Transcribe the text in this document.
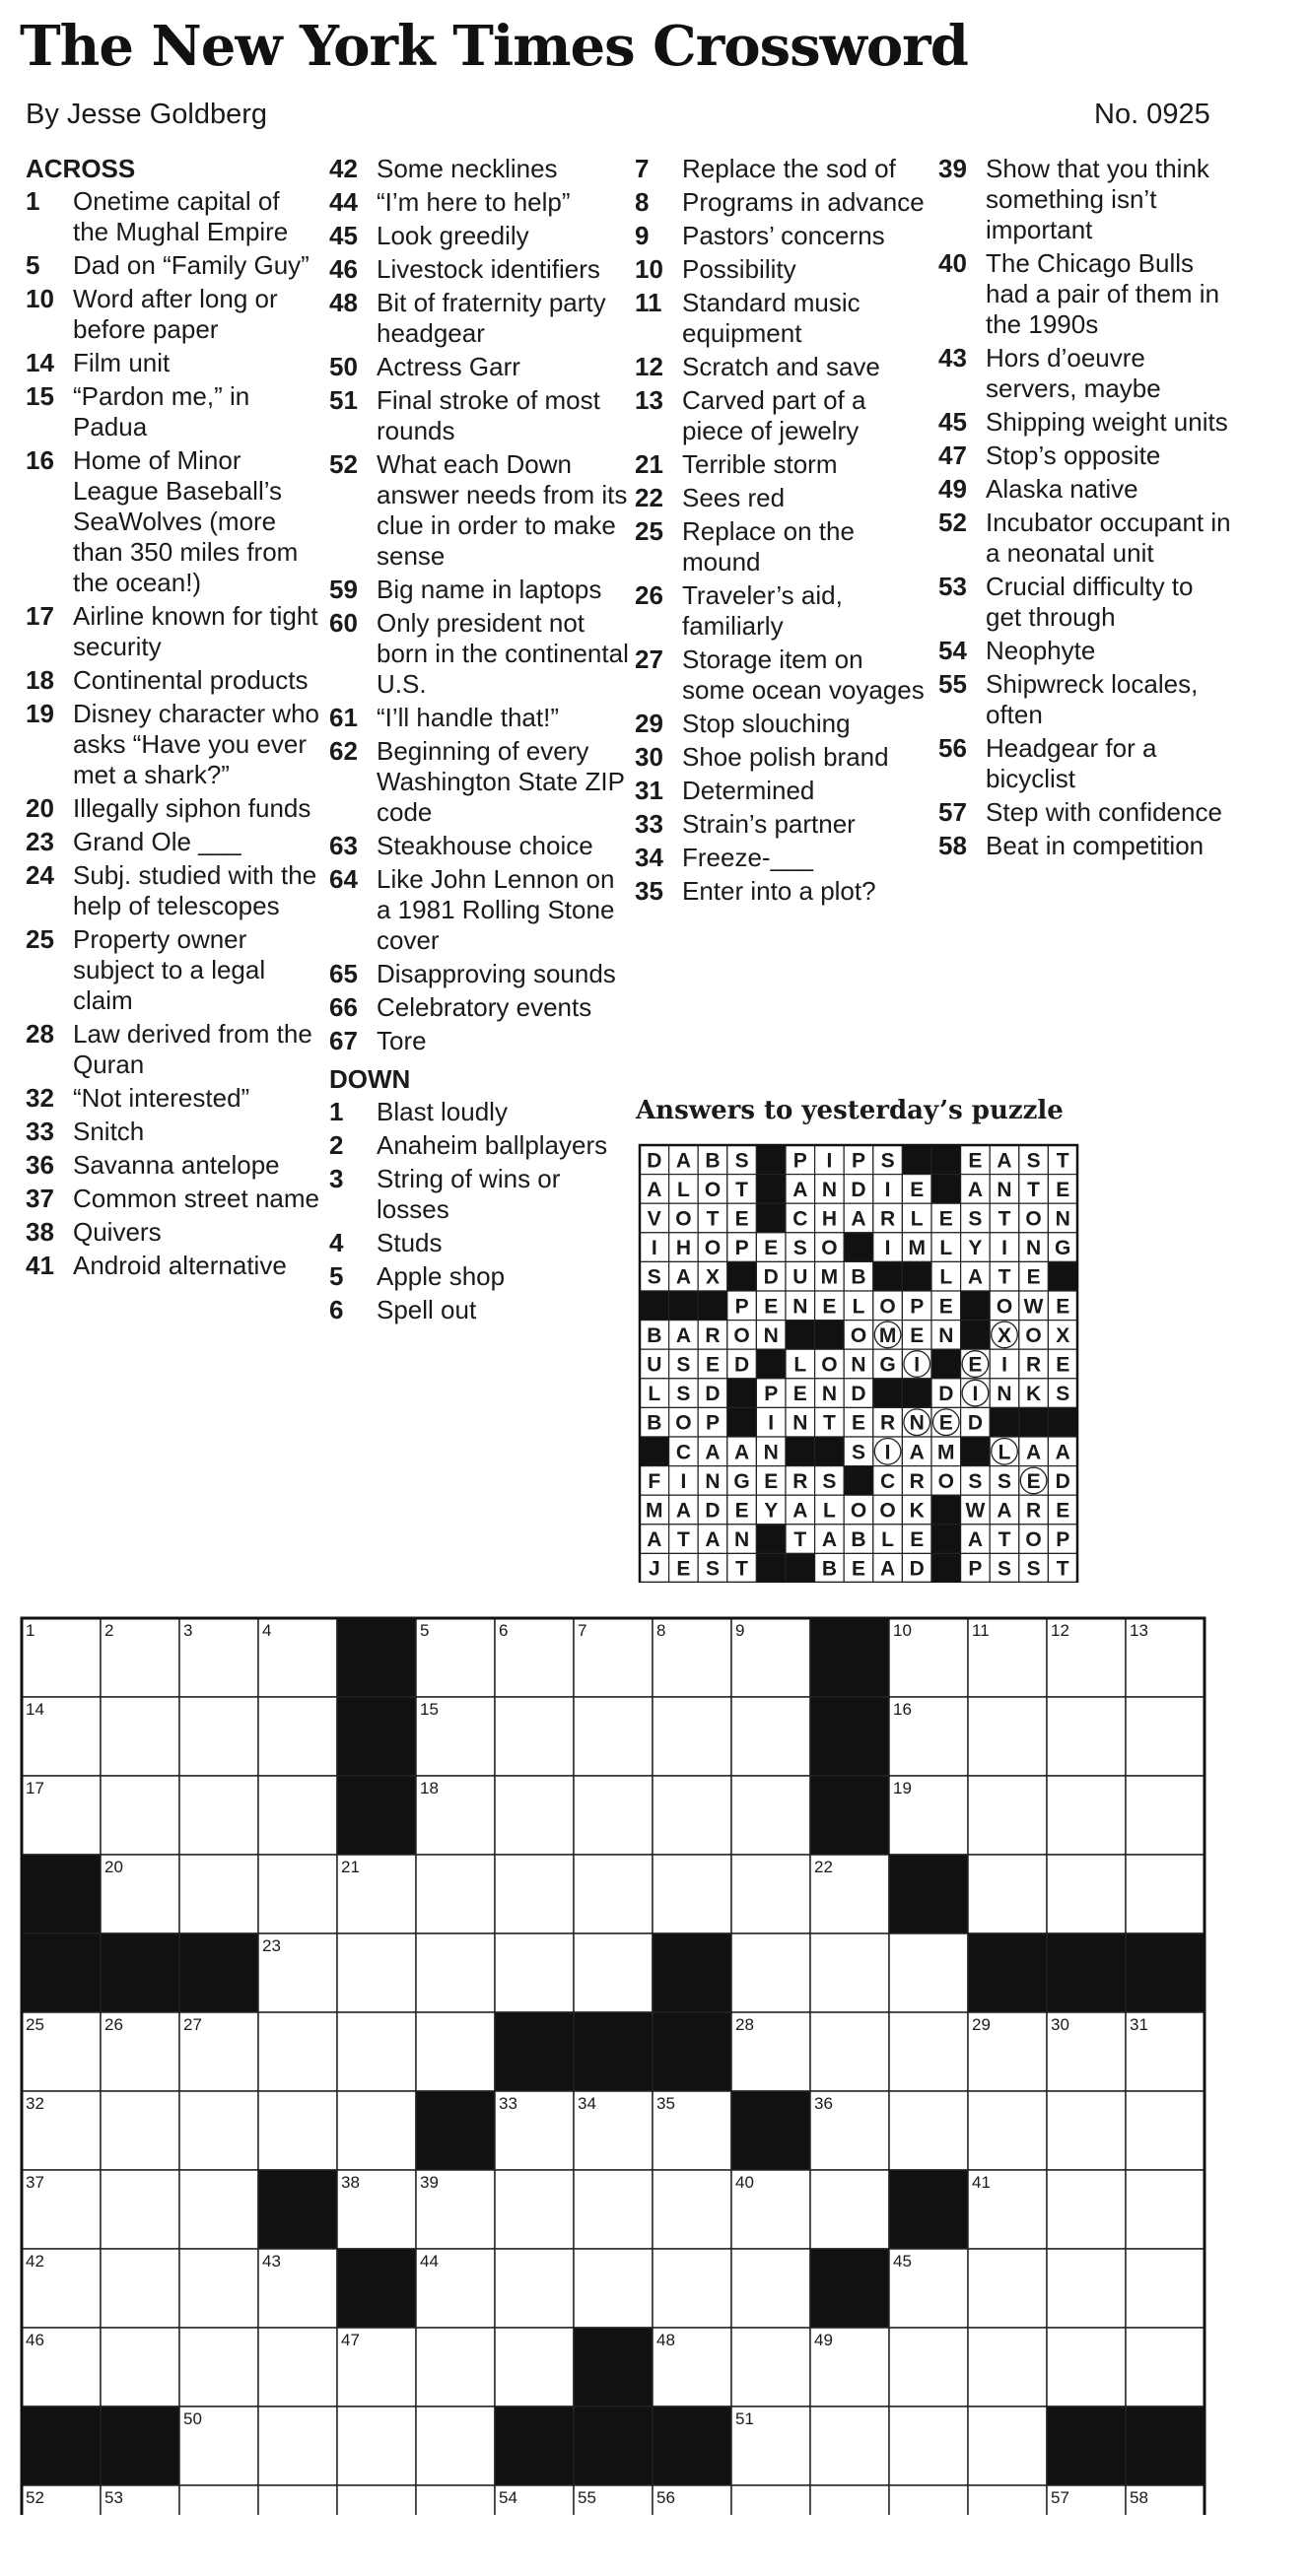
The New York Times Crossword
By Jesse Goldberg	No. 0925
ACROSS
1	Onetime capital of the Mughal Empire
5	Dad on “Family Guy”
10 Word after long or before paper
14 Film unit
15 “Pardon me,” in Padua
16 Home of Minor League Baseball’s SeaWolves (more than 350 miles from the ocean!)
17 Airline known for tight security
18 Continental products
19 Disney character who asks “Have you ever met a shark?”
20 Illegally siphon funds
23 Grand Ole ___
24 Subj. studied with the help of telescopes
25 Property owner subject to a legal claim
28 Law derived from the Quran
32 “Not interested”
33 Snitch
36 Savanna antelope
37 Common street name
38 Quivers
41 Android alternative
42 Some necklines
44 “I’m here to help”
45 Look greedily
46 Livestock identifiers
48 Bit of fraternity party headgear
50 Actress Garr
51 Final stroke of most rounds
52 What each Down answer needs from its clue in order to make sense
59 Big name in laptops
60 Only president not born in the continental U.S.
61 “I’ll handle that!”
62 Beginning of every Washington State ZIP code
63 Steakhouse choice
64 Like John Lennon on a 1981 Rolling Stone cover
65 Disapproving sounds
66 Celebratory events
67 Tore
DOWN
1	Blast loudly
2	Anaheim ballplayers
3	String of wins or losses
4	Studs
5	Apple shop
6	Spell out
7	Replace the sod of
8	Programs in advance
9	Pastors’ concerns
10 Possibility
11 Standard music equipment
12 Scratch and save
13 Carved part of a piece of jewelry
21 Terrible storm
22 Sees red
25 Replace on the mound
26 Traveler’s aid, familiarly
27 Storage item on some ocean voyages
29 Stop slouching
30 Shoe polish brand
31 Determined
33 Strain’s partner
34 Freeze-___
35 Enter into a plot?
39 Show that you think something isn’t important
40 The Chicago Bulls had a pair of them in the 1990s
43 Hors d’oeuvre servers, maybe
45 Shipping weight units
47 Stop’s opposite
49 Alaska native
52 Incubator occupant in a neonatal unit
53 Crucial difficulty to get through
54 Neophyte
55 Shipwreck locales, often
56 Headgear for a bicyclist
57 Step with confidence
58 Beat in competition
Answers to yesterday’s puzzle
D A B S P I P S	E A S T
A L O T A N D I E A N T E
V O T E C H A R L E S T O N
I H O P E S O I M L Y I N G
S A X D U M B	L A T E
P E N E L O P E O W E
B A R O N	O M E N X O X
U S E D L O N G I E I R E
L S D P E N D	D I N K S
B O P I N T E R N E D
C A A N	S I A M L A A
F I N G E R S C R O S S E D
M A D E Y A L O O K W A R E
A T A N T A B L E A T O P
J E S T	B E A D P S S T
1	2	3	4	5	6	7	8	9	10	11	12	13
14	15	16
17	18	19
20	21	22
23
25	26	27	28	29	30	31
32	33	34	35	36
37	38	39	40	41
42	43	44	45
46	47	48	49
50	51
52	53	54	55	56	57	58
